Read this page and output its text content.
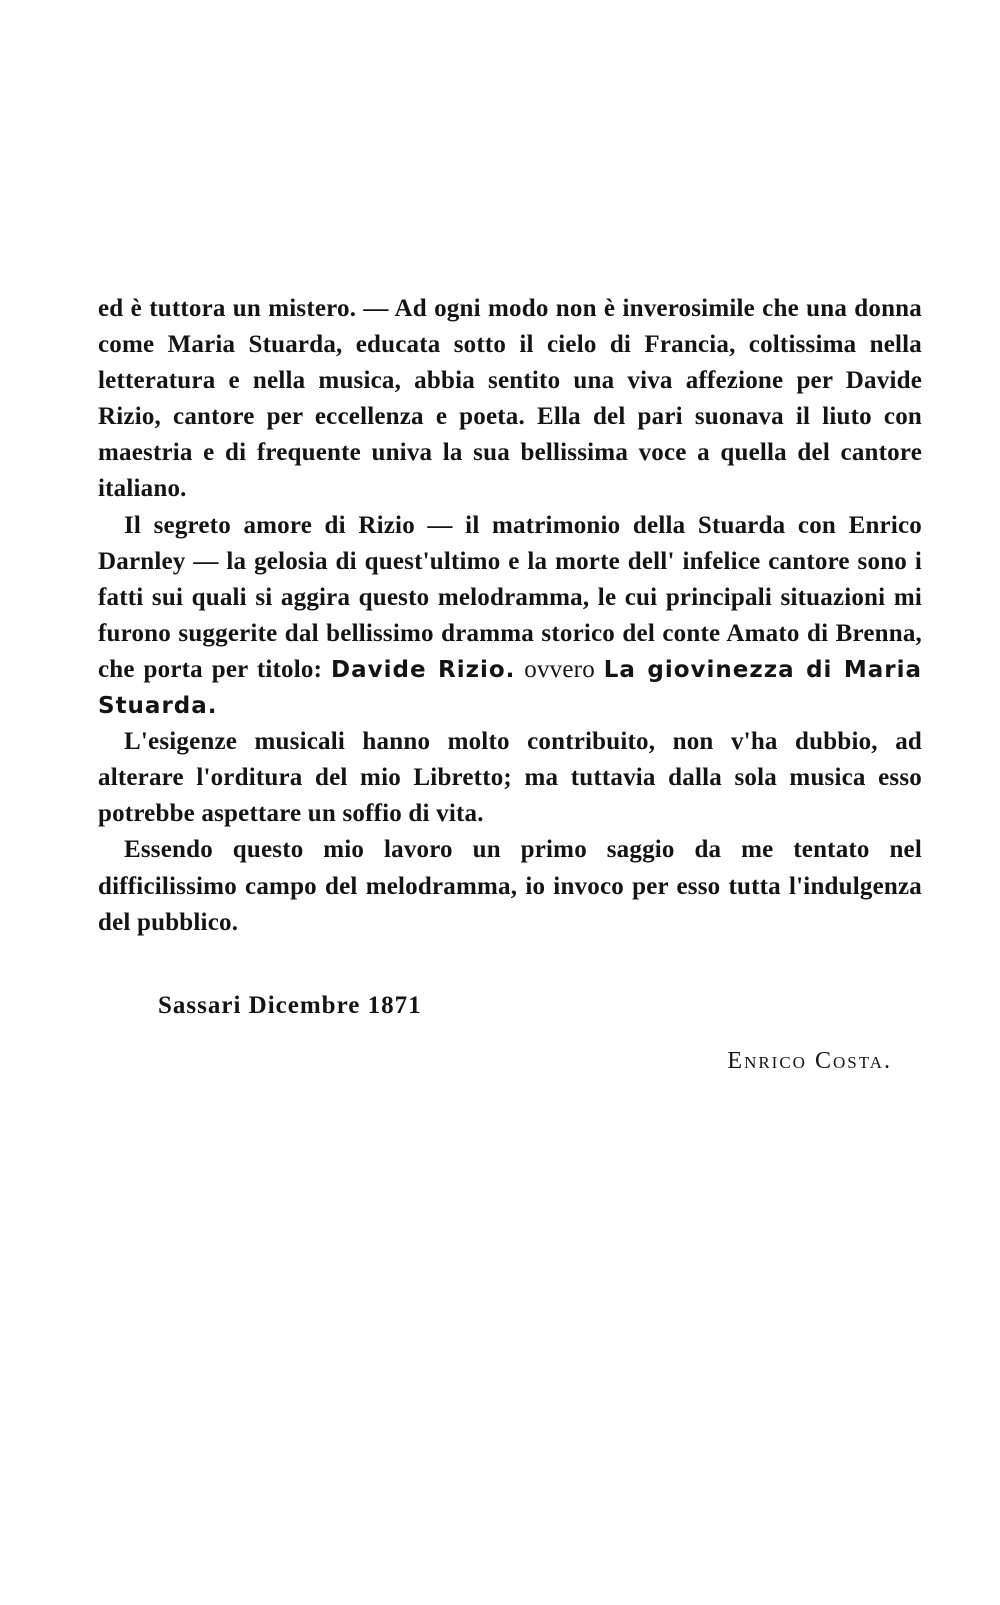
ed è tuttora un mistero. — Ad ogni modo non è inverosimile che una donna come Maria Stuarda, educata sotto il cielo di Francia, coltissima nella letteratura e nella musica, abbia sentito una viva affezione per Davide Rizio, cantore per eccellenza e poeta. Ella del pari suonava il liuto con maestria e di frequente univa la sua bellissima voce a quella del cantore italiano.

Il segreto amore di Rizio — il matrimonio della Stuarda con Enrico Darnley — la gelosia di quest'ultimo e la morte dell' infelice cantore sono i fatti sui quali si aggira questo melodramma, le cui principali situazioni mi furono suggerite dal bellissimo dramma storico del conte Amato di Brenna, che porta per titolo: Davide Rizio. ovvero La giovinezza di Maria Stuarda.

L'esigenze musicali hanno molto contribuito, non v'ha dubbio, ad alterare l'orditura del mio Libretto; ma tuttavia dalla sola musica esso potrebbe aspettare un soffio di vita.

Essendo questo mio lavoro un primo saggio da me tentato nel difficilissimo campo del melodramma, io invoco per esso tutta l'indulgenza del pubblico.

Sassari Dicembre 1871

Enrico Costa.
